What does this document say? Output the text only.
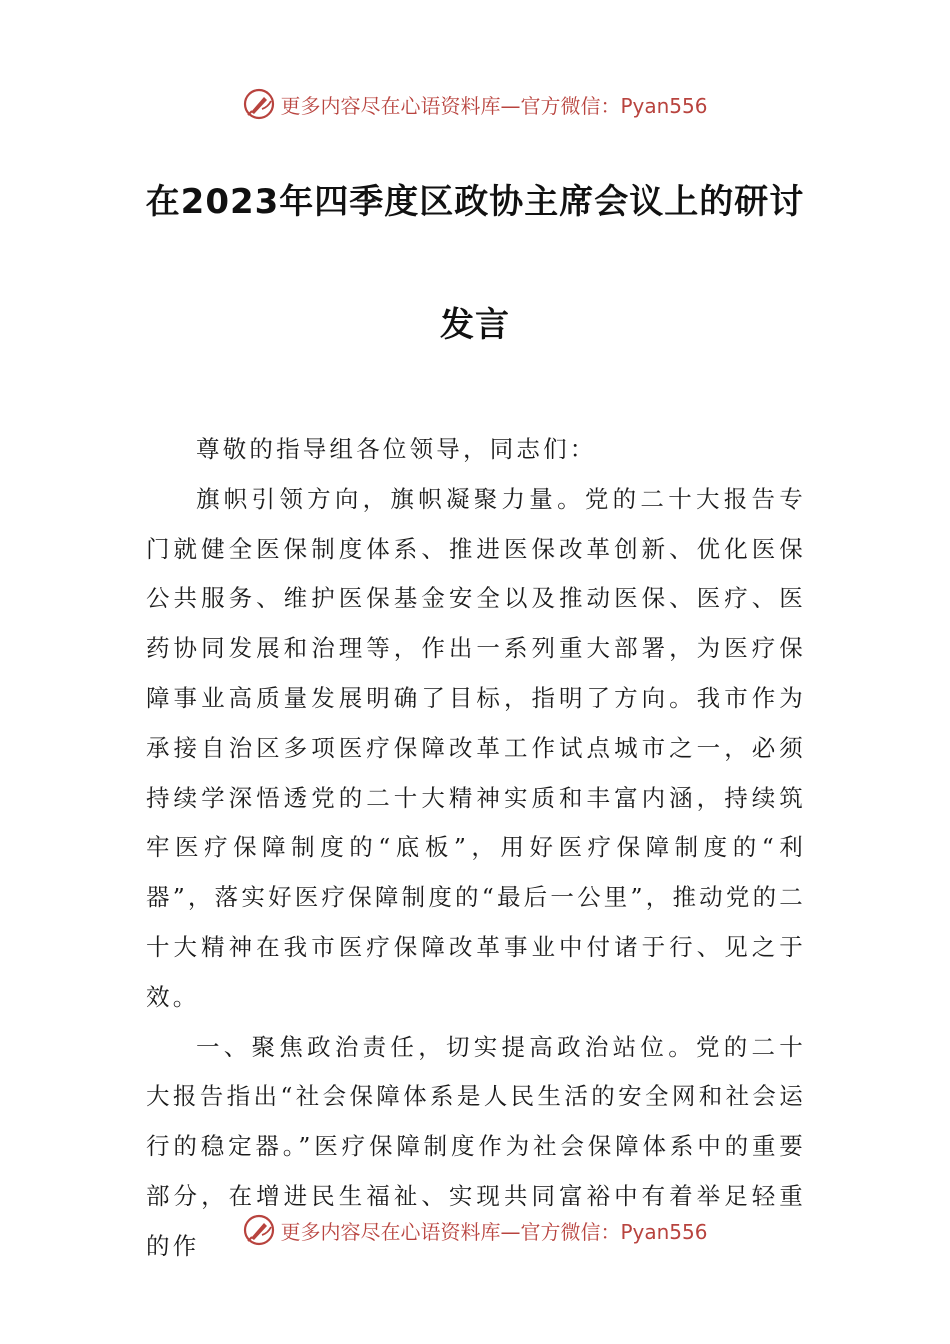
更多内容尽在心语资料库—官方微信：Pyan556
在2023年四季度区政协主席会议上的研讨
发言

尊敬的指导组各位领导，同志们：

旗帜引领方向，旗帜凝聚力量。党的二十大报告专门就健全医保制度体系、推进医保改革创新、优化医保公共服务、维护医保基金安全以及推动医保、医疗、医药协同发展和治理等，作出一系列重大部署，为医疗保障事业高质量发展明确了目标，指明了方向。我市作为承接自治区多项医疗保障改革工作试点城市之一，必须持续学深悟透党的二十大精神实质和丰富内涵，持续筑牢医疗保障制度的“底板”，用好医疗保障制度的“利器”，落实好医疗保障制度的“最后一公里”，推动党的二十大精神在我市医疗保障改革事业中付诸于行、见之于效。

一、聚焦政治责任，切实提高政治站位。党的二十大报告指出“社会保障体系是人民生活的安全网和社会运行的稳定器。”医疗保障制度作为社会保障体系中的重要部分，在增进民生福祉、实现共同富裕中有着举足轻重的作

更多内容尽在心语资料库—官方微信：Pyan556
